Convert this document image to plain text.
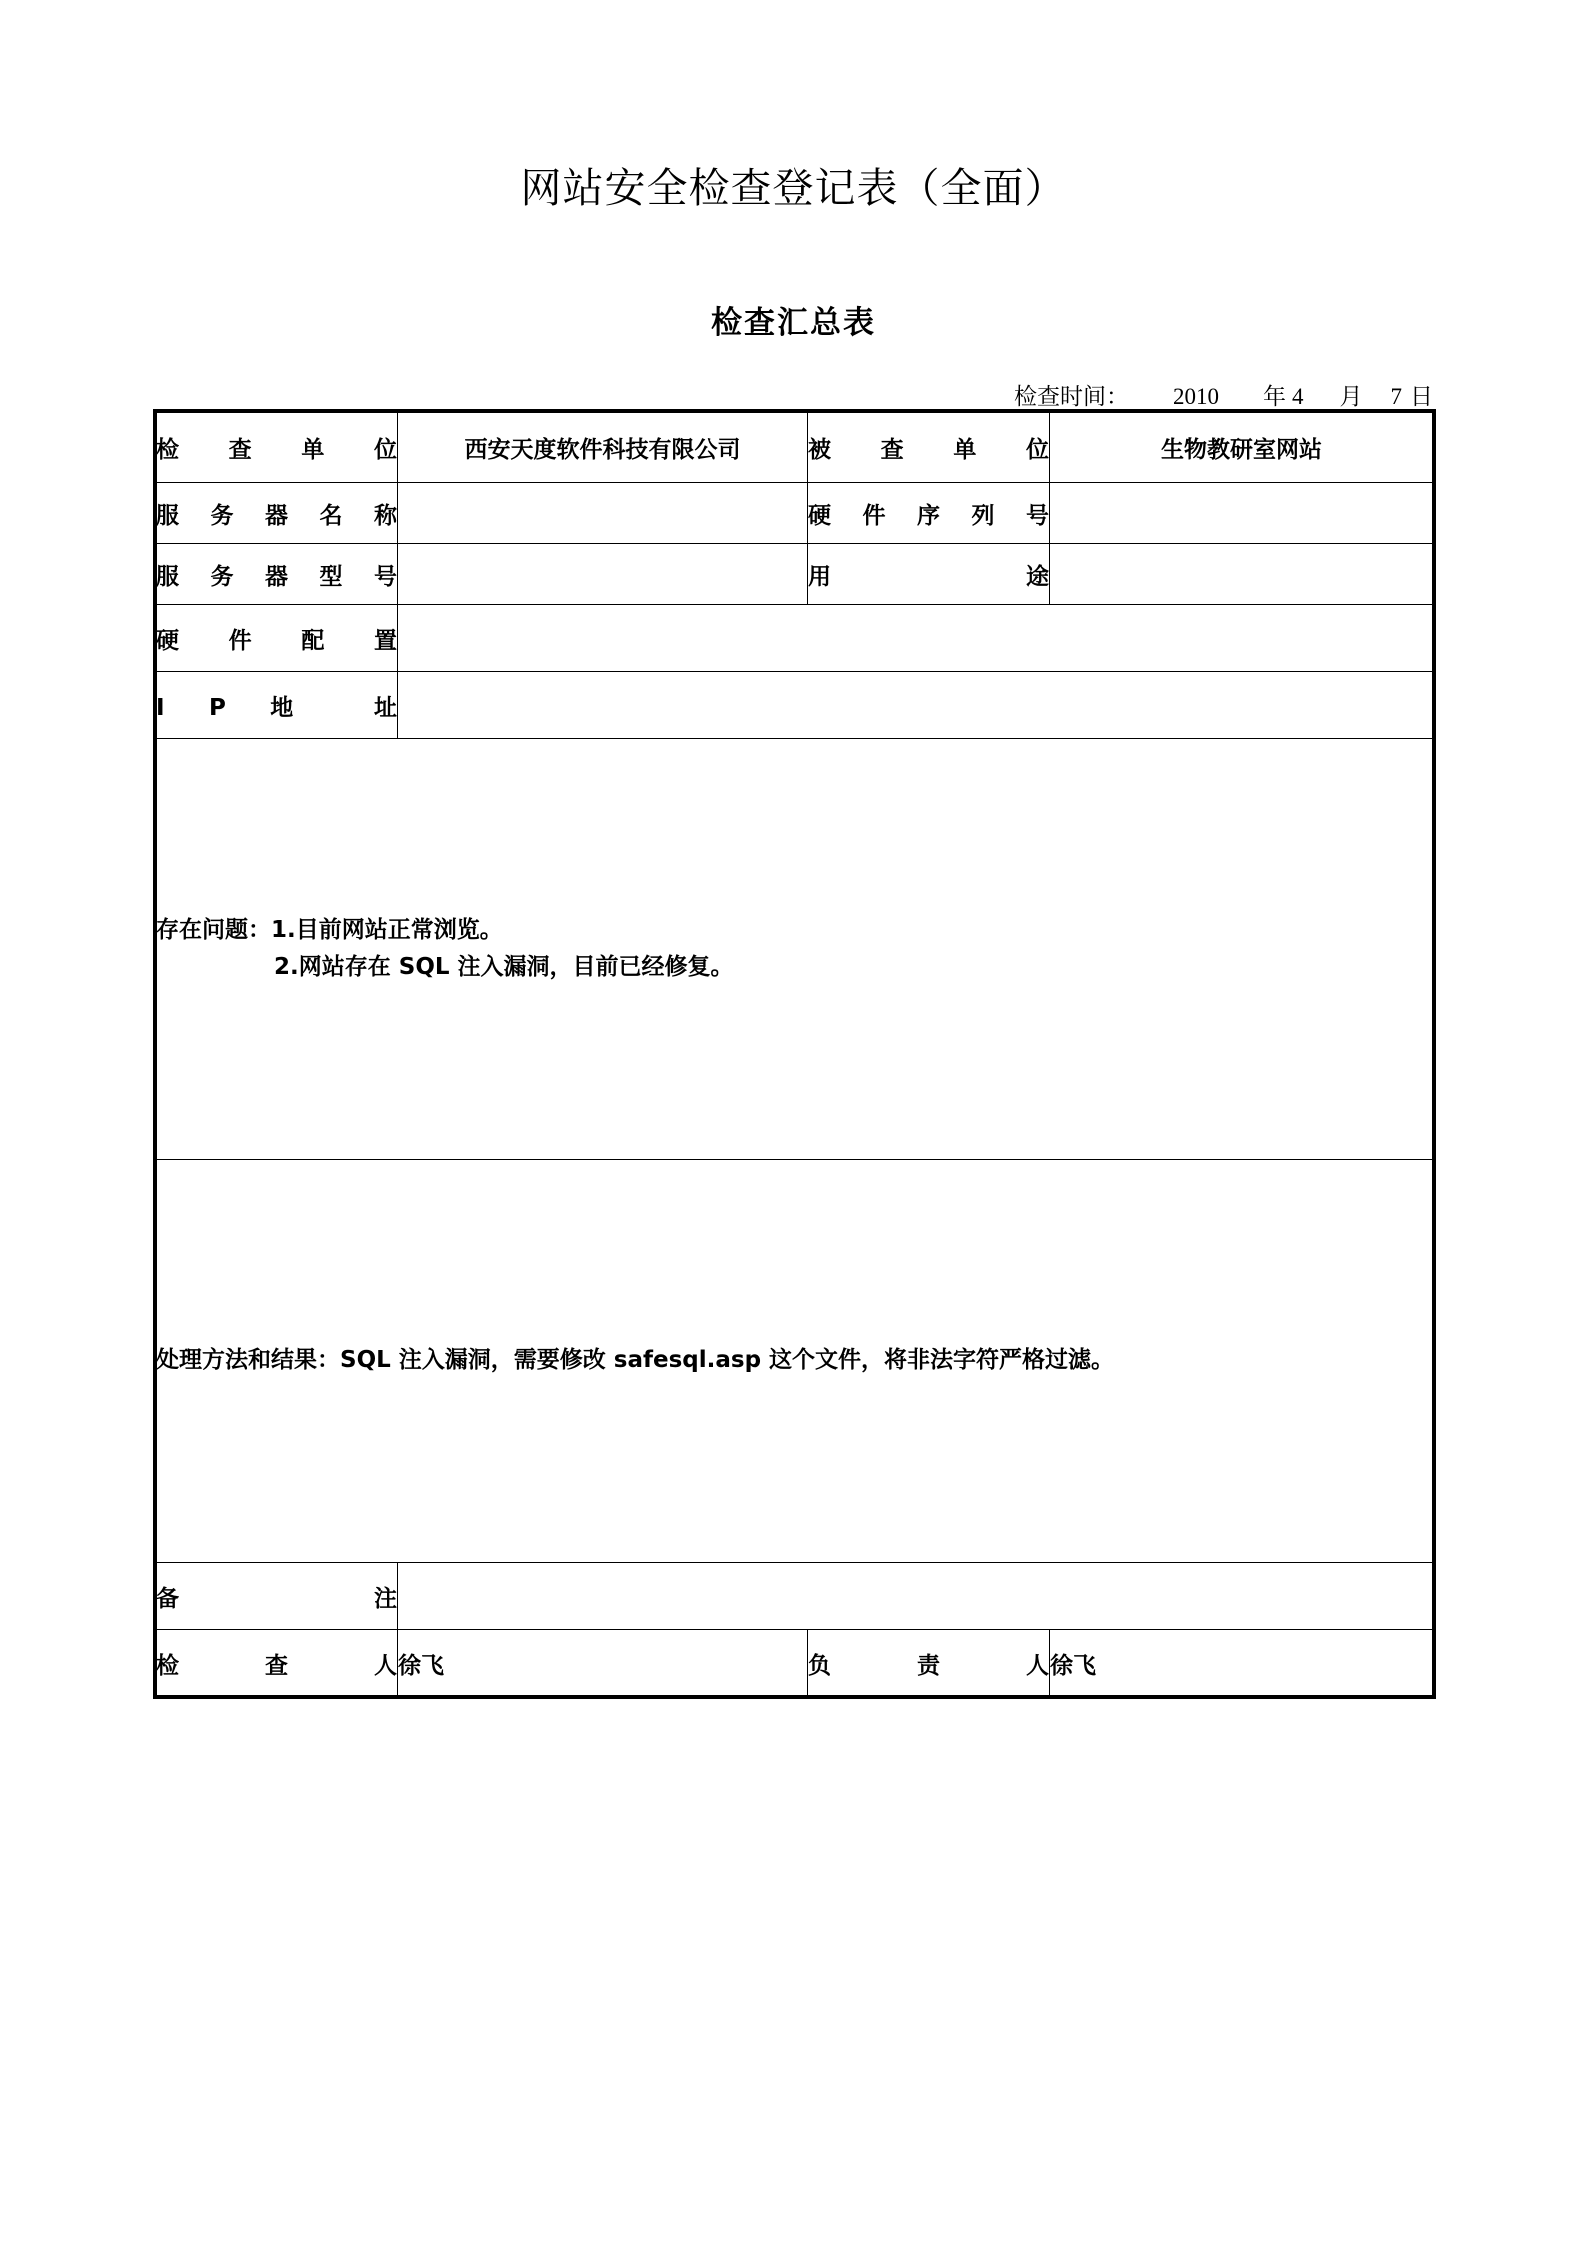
网站安全检查登记表（全面）
检查汇总表
检查时间： 2010 年 4 月 7 日
检查单位	西安天度软件科技有限公司	被查单位	生物教研室网站
服务器名称		硬件序列号	
服务器型号		用途	
硬件配置			
I P 地 址			

存在问题：1.目前网站正常浏览。
2.网站存在 SQL 注入漏洞，目前已经修复。			

处理方法和结果：SQL 注入漏洞，需要修改 safesql.asp 这个文件，将非法字符严格过滤。			

备注			
检查人	徐飞	负责人	徐飞
